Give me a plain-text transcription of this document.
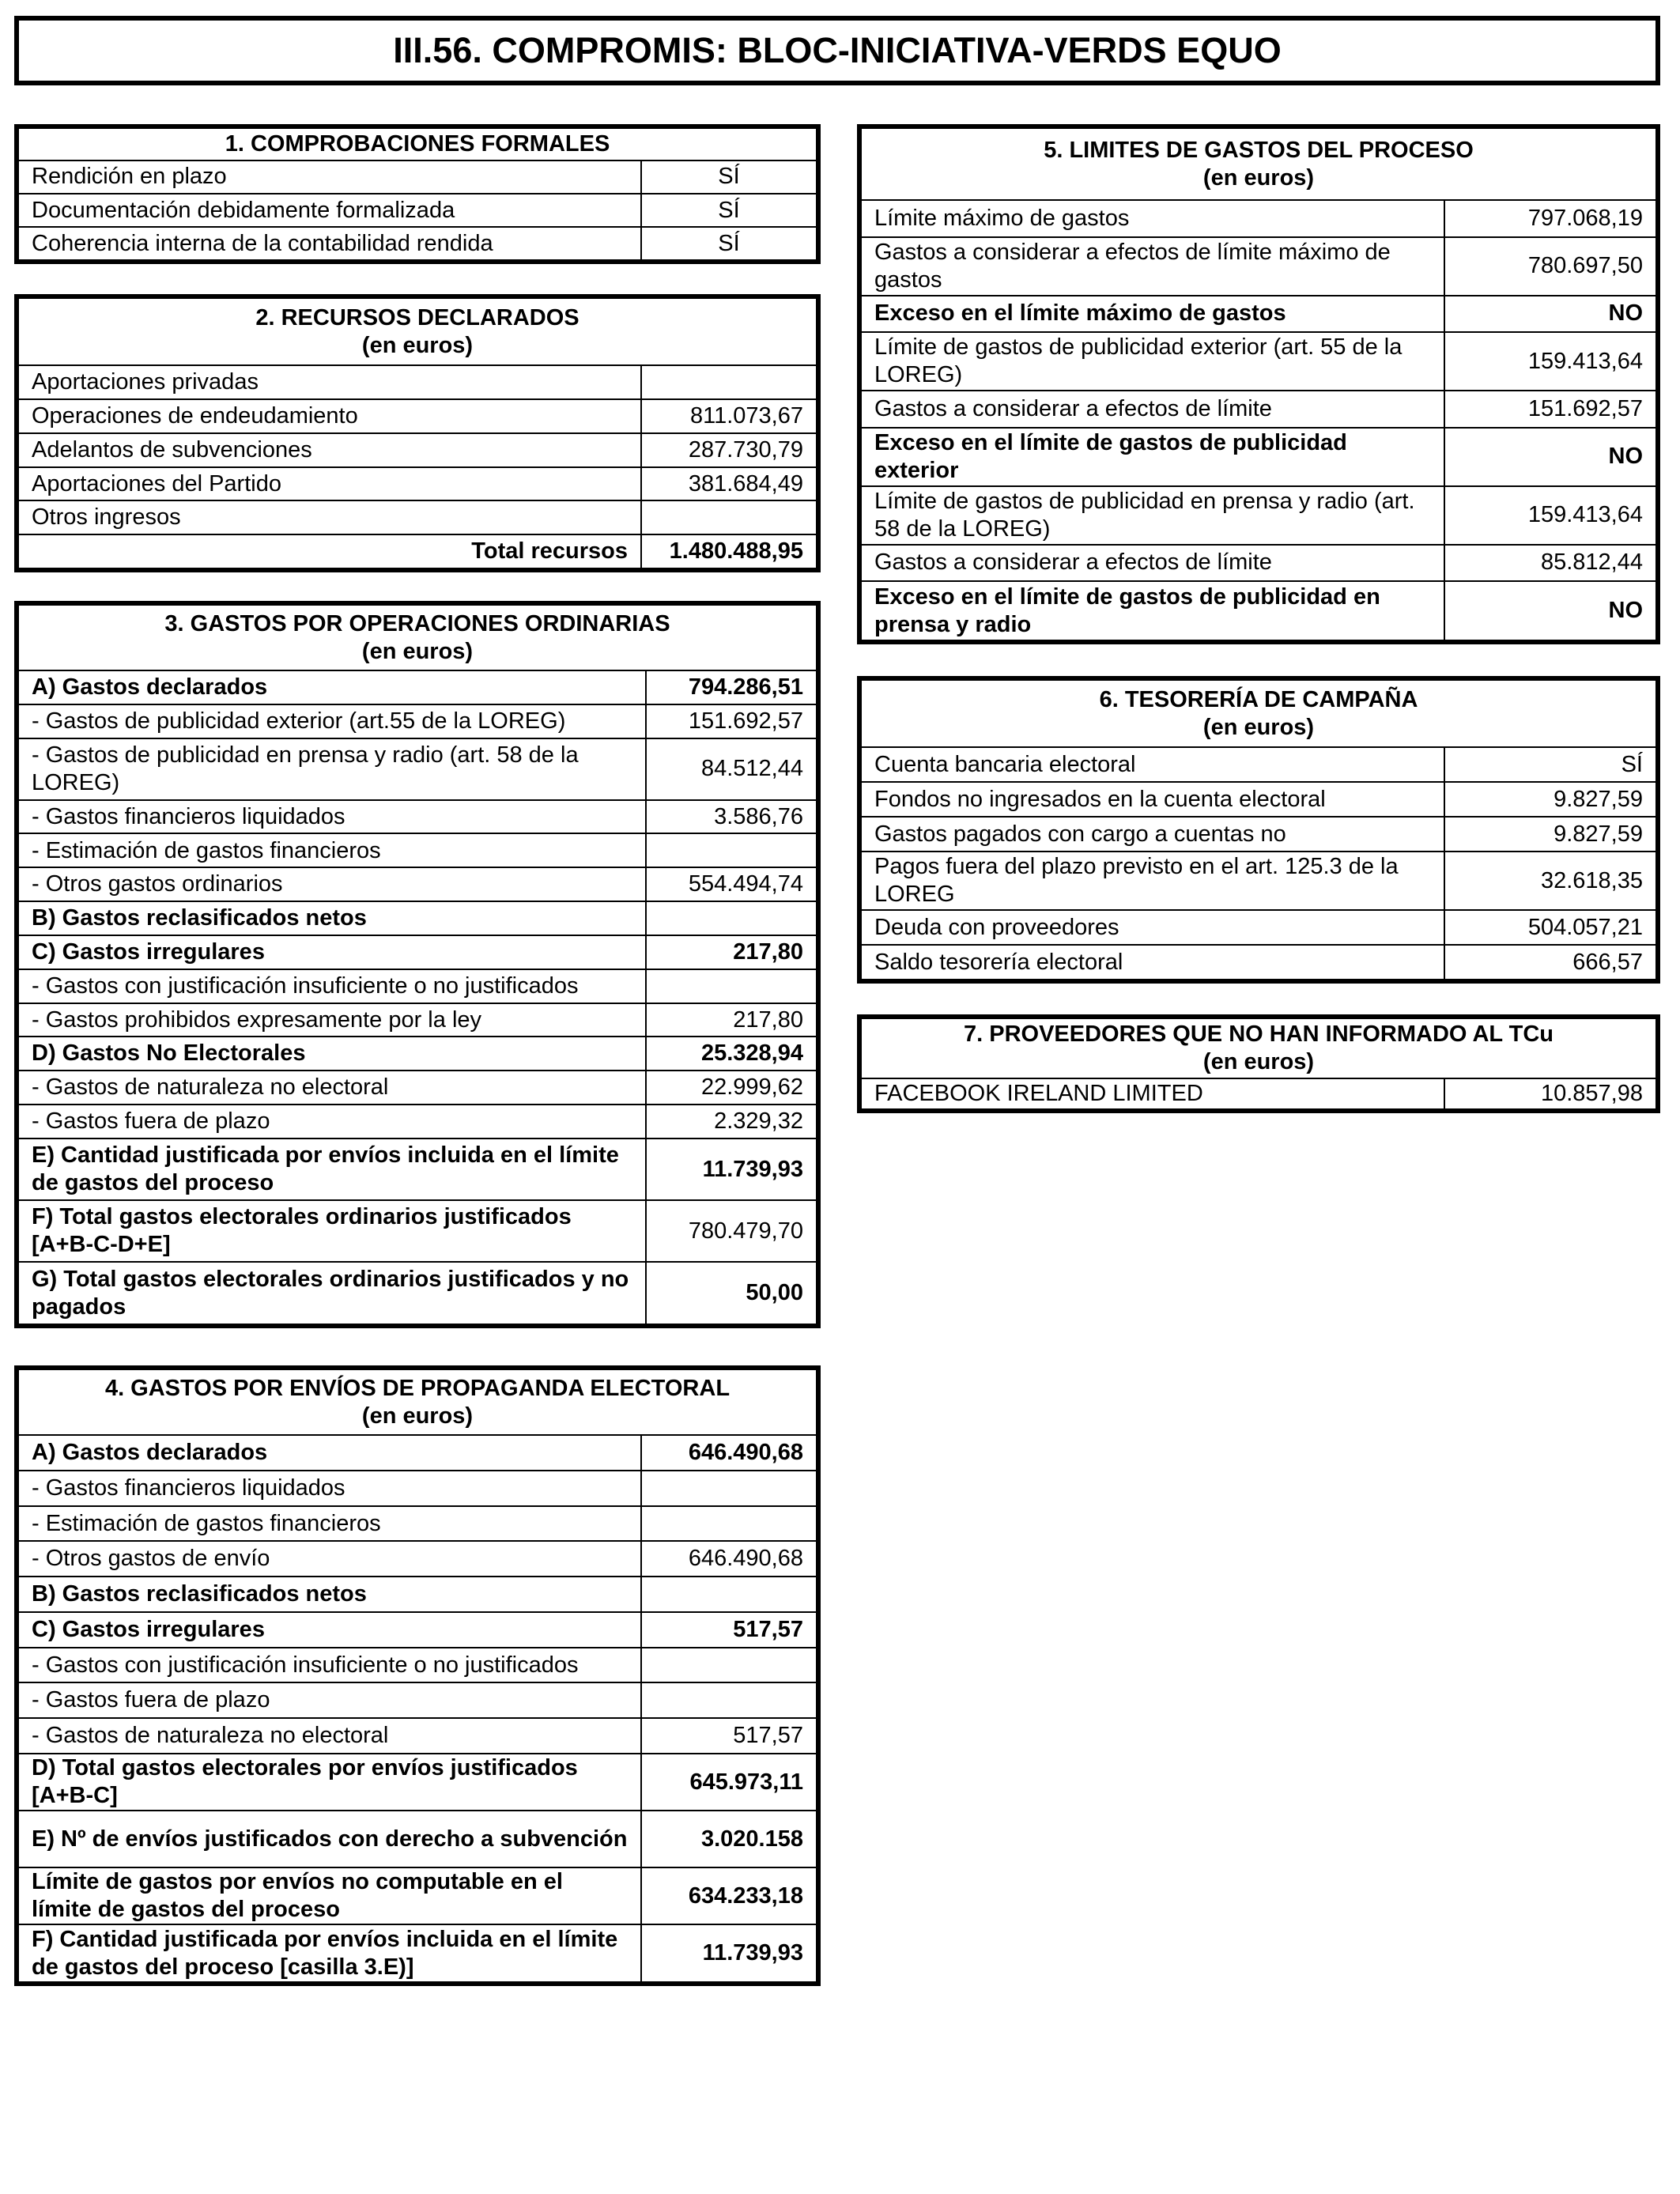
III.56. COMPROMIS: BLOC-INICIATIVA-VERDS EQUO
1. COMPROBACIONES FORMALES	
Rendición en plazo	SÍ
Documentación debidamente formalizada	SÍ
Coherencia interna de la contabilidad rendida	SÍ
2. RECURSOS DECLARADOS
(en euros)	

Aportaciones privadas	
Operaciones de endeudamiento	811.073,67
Adelantos de subvenciones	287.730,79
Aportaciones del Partido	381.684,49
Otros ingresos	
Total recursos	1.480.488,95
3. GASTOS POR OPERACIONES ORDINARIAS
(en euros)	

A) Gastos declarados	794.286,51
- Gastos de publicidad exterior (art.55 de la LOREG)	151.692,57
- Gastos de publicidad en prensa y radio (art. 58 de la LOREG)	84.512,44
- Gastos financieros liquidados	3.586,76
- Estimación de gastos financieros	
- Otros gastos ordinarios	554.494,74
B) Gastos reclasificados netos	
C) Gastos irregulares	217,80
- Gastos con justificación insuficiente o no justificados	
- Gastos prohibidos expresamente por la ley	217,80
D) Gastos No Electorales	25.328,94
- Gastos de naturaleza no electoral	22.999,62
- Gastos fuera de plazo	2.329,32
E) Cantidad justificada por envíos incluida en el límite de gastos del proceso	11.739,93
F) Total gastos electorales ordinarios justificados [A+B-C-D+E]	780.479,70
G) Total gastos electorales ordinarios justificados y no pagados	50,00
4. GASTOS POR ENVÍOS DE PROPAGANDA ELECTORAL
(en euros)	

A) Gastos declarados	646.490,68
- Gastos financieros liquidados	
- Estimación de gastos financieros	
- Otros gastos de envío	646.490,68
B) Gastos reclasificados netos	
C) Gastos irregulares	517,57
- Gastos con justificación insuficiente o no justificados	
- Gastos fuera de plazo	
- Gastos de naturaleza no electoral	517,57
D) Total gastos electorales por envíos justificados [A+B-C]	645.973,11
E) Nº de envíos justificados con derecho a subvención	3.020.158
Límite de gastos por envíos no computable en el límite de gastos del proceso	634.233,18
F) Cantidad justificada por envíos incluida en el límite de gastos del proceso [casilla 3.E)]	11.739,93
5. LIMITES DE GASTOS DEL PROCESO
(en euros)	

Límite máximo de gastos	797.068,19
Gastos a considerar a efectos de límite máximo de gastos	780.697,50
Exceso en el límite máximo de gastos	NO
Límite de gastos de publicidad exterior (art. 55 de la LOREG)	159.413,64
Gastos a considerar a efectos de límite	151.692,57
Exceso en el límite de gastos de publicidad exterior	NO
Límite de gastos de publicidad en prensa y radio (art. 58 de la LOREG)	159.413,64
Gastos a considerar a efectos de límite	85.812,44
Exceso en el límite de gastos de publicidad en prensa y radio	NO
6. TESORERÍA DE CAMPAÑA
(en euros)	

Cuenta bancaria electoral	SÍ
Fondos no ingresados en la cuenta electoral	9.827,59
Gastos pagados con cargo a cuentas no	9.827,59
Pagos fuera del plazo previsto en el art. 125.3 de la LOREG	32.618,35
Deuda con proveedores	504.057,21
Saldo tesorería electoral	666,57
7. PROVEEDORES QUE NO HAN INFORMADO AL TCu
(en euros)

FACEBOOK IRELAND LIMITED	10.857,98
